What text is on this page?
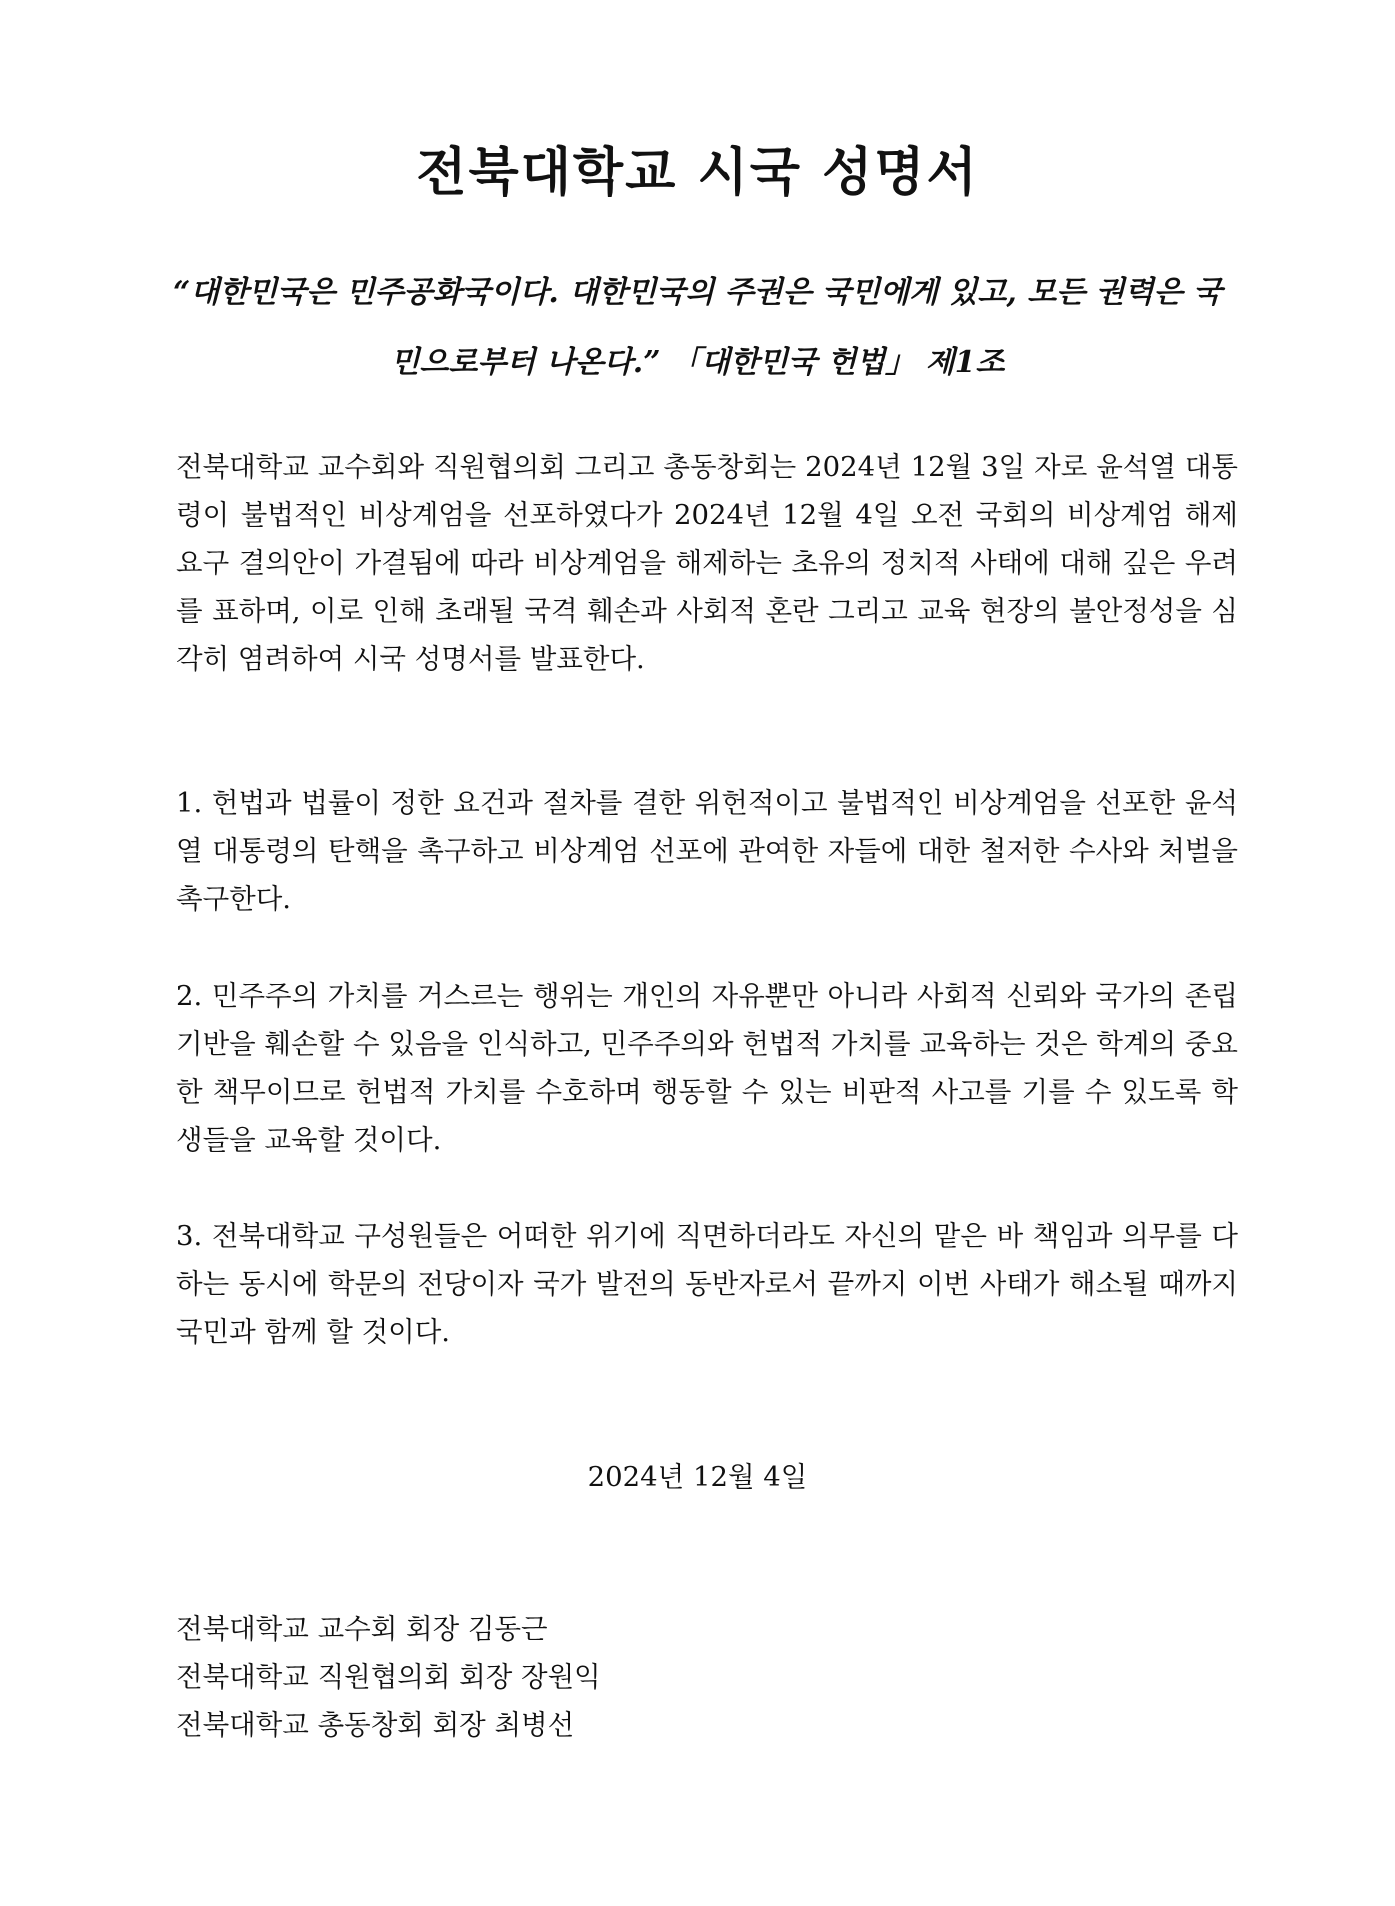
전북대학교 시국 성명서
“대한민국은 민주공화국이다. 대한민국의 주권은 국민에게 있고, 모든 권력은 국민으로부터 나온다.” 「대한민국 헌법」 제1조
전북대학교 교수회와 직원협의회 그리고 총동창회는 2024년 12월 3일 자로 윤석열 대통령이 불법적인 비상계엄을 선포하였다가 2024년 12월 4일 오전 국회의 비상계엄 해제 요구 결의안이 가결됨에 따라 비상계엄을 해제하는 초유의 정치적 사태에 대해 깊은 우려를 표하며, 이로 인해 초래될 국격 훼손과 사회적 혼란 그리고 교육 현장의 불안정성을 심각히 염려하여 시국 성명서를 발표한다.
1. 헌법과 법률이 정한 요건과 절차를 결한 위헌적이고 불법적인 비상계엄을 선포한 윤석열 대통령의 탄핵을 촉구하고 비상계엄 선포에 관여한 자들에 대한 철저한 수사와 처벌을 촉구한다.
2. 민주주의 가치를 거스르는 행위는 개인의 자유뿐만 아니라 사회적 신뢰와 국가의 존립 기반을 훼손할 수 있음을 인식하고, 민주주의와 헌법적 가치를 교육하는 것은 학계의 중요한 책무이므로 헌법적 가치를 수호하며 행동할 수 있는 비판적 사고를 기를 수 있도록 학생들을 교육할 것이다.
3. 전북대학교 구성원들은 어떠한 위기에 직면하더라도 자신의 맡은 바 책임과 의무를 다하는 동시에 학문의 전당이자 국가 발전의 동반자로서 끝까지 이번 사태가 해소될 때까지 국민과 함께 할 것이다.
2024년 12월 4일
전북대학교 교수회 회장 김동근
전북대학교 직원협의회 회장 장원익
전북대학교 총동창회 회장 최병선
